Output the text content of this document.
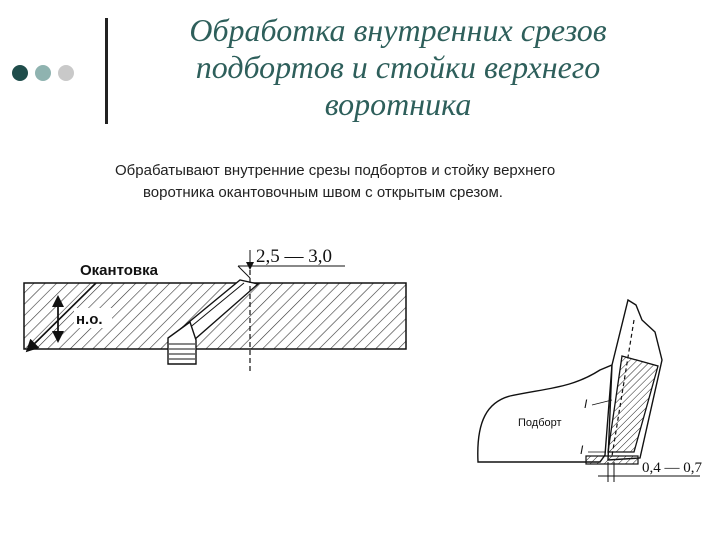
Обработка внутренних срезов
подбортов и стойки верхнего
воротника
Обрабатывают внутренние срезы подбортов и стойку верхнего
воротника окантовочным швом с открытым срезом.
2,5 — 3,0
Окантовка
н.о.
Подборт
I
I
0,4 — 0,7
